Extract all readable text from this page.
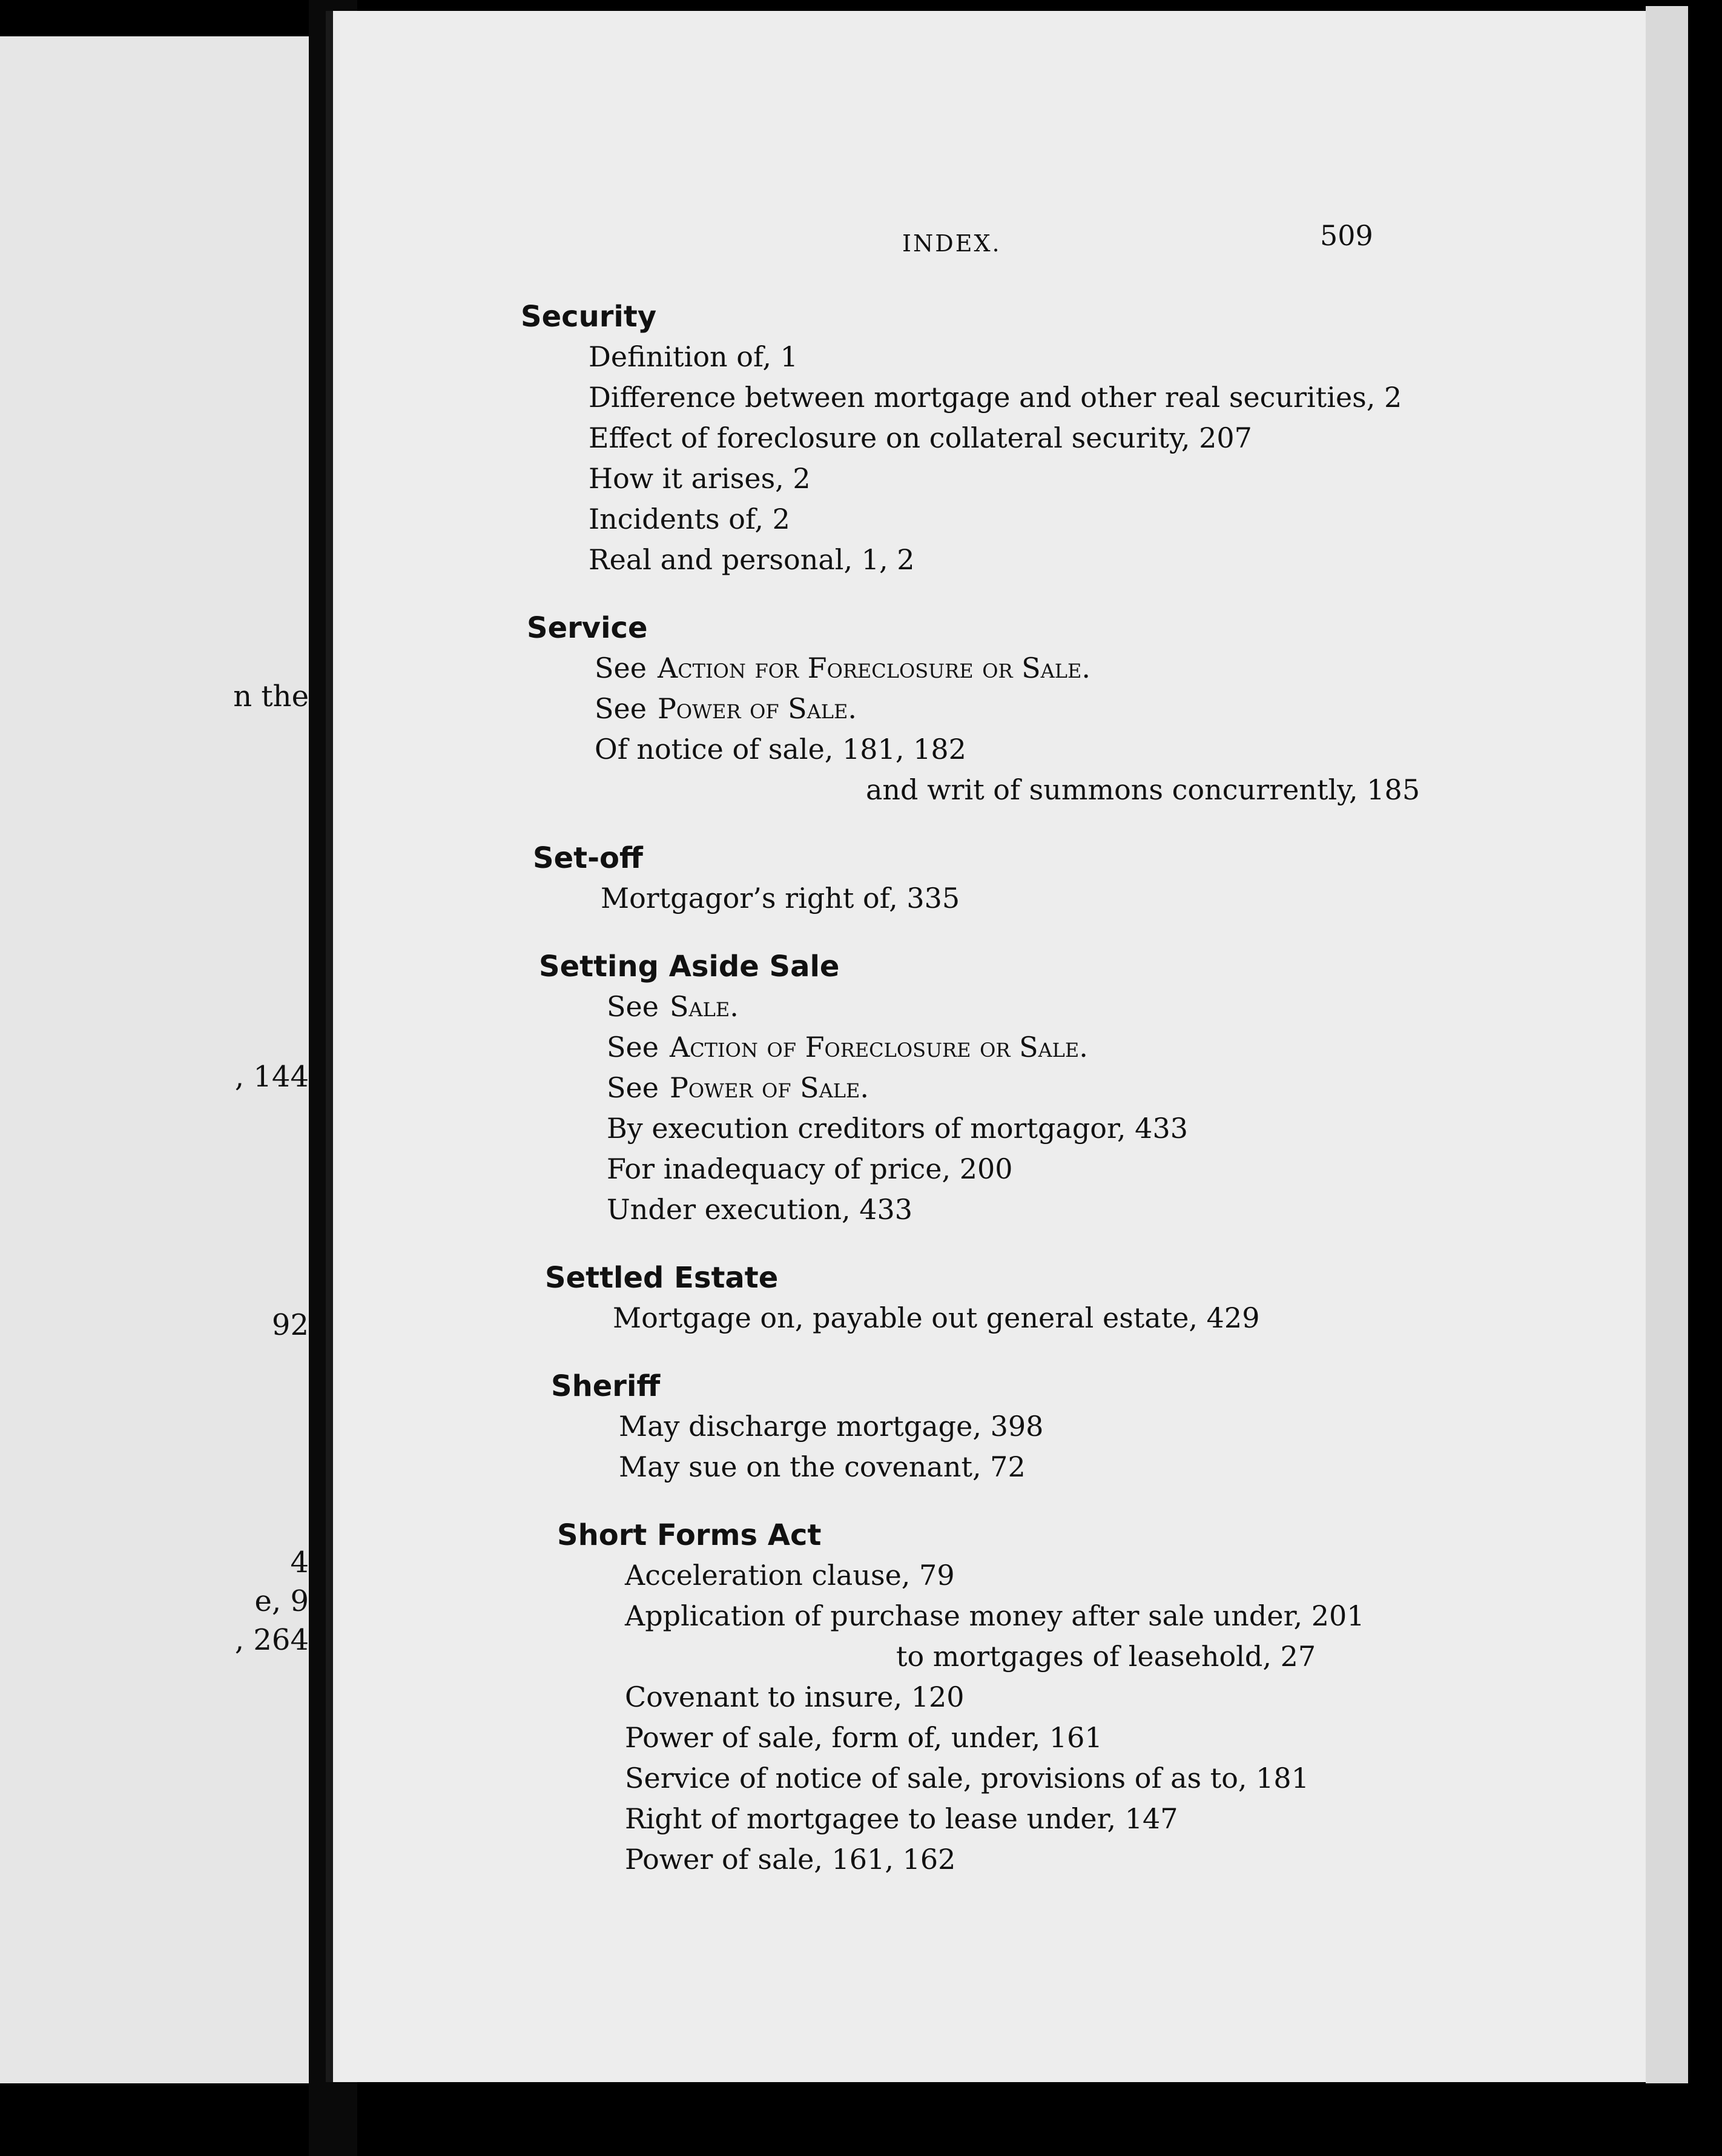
n the
, 144
92
4
e, 9
, 264
INDEX.	509
Security
Definition of, 1
Difference between mortgage and other real securities, 2
Effect of foreclosure on collateral security, 207
How it arises, 2
Incidents of, 2
Real and personal, 1, 2
Service
See Action for Foreclosure or Sale.
See Power of Sale.
Of notice of sale, 181, 182
and writ of summons concurrently, 185
Set-off
Mortgagor’s right of, 335
Setting Aside Sale
See Sale.
See Action of Foreclosure or Sale.
See Power of Sale.
By execution creditors of mortgagor, 433
For inadequacy of price, 200
Under execution, 433
Settled Estate
Mortgage on, payable out general estate, 429
Sheriff
May discharge mortgage, 398
May sue on the covenant, 72
Short Forms Act
Acceleration clause, 79
Application of purchase money after sale under, 201
to mortgages of leasehold, 27
Covenant to insure, 120
Power of sale, form of, under, 161
Service of notice of sale, provisions of as to, 181
Right of mortgagee to lease under, 147
Power of sale, 161, 162
